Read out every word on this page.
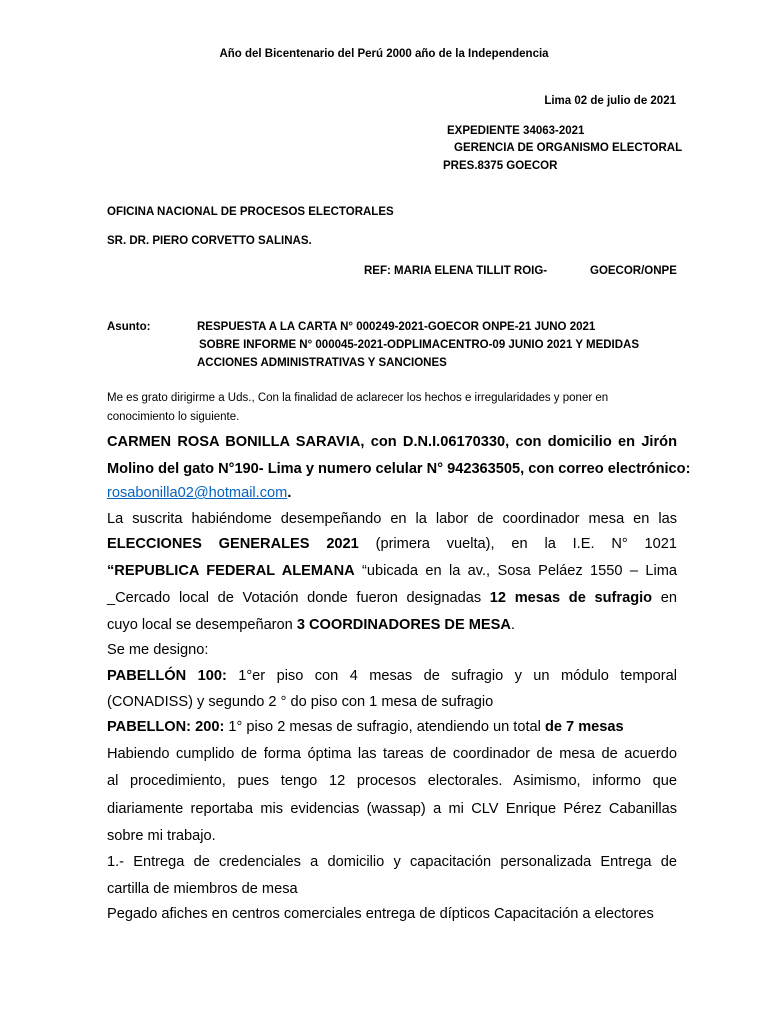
Año del Bicentenario del Perú 2000 año de la Independencia
Lima 02 de julio de 2021
EXPEDIENTE 34063-2021
GERENCIA DE ORGANISMO ELECTORAL
PRES.8375 GOECOR
OFICINA NACIONAL DE PROCESOS ELECTORALES
SR. DR. PIERO CORVETTO SALINAS.
REF: MARIA ELENA TILLIT ROIG-	GOECOR/ONPE
Asunto:	RESPUESTA A LA CARTA N° 000249-2021-GOECOR ONPE-21 JUNO 2021
SOBRE INFORME N° 000045-2021-ODPLIMACENTRO-09 JUNIO 2021 Y MEDIDAS
ACCIONES ADMINISTRATIVAS Y SANCIONES
Me es grato dirigirme a Uds., Con la finalidad de aclarecer los hechos e irregularidades y poner en
conocimiento lo siguiente.
CARMEN ROSA BONILLA SARAVIA, con D.N.I.06170330, con domicilio en Jirón
Molino del gato N°190- Lima y numero celular N° 942363505, con correo electrónico:
rosabonilla02@hotmail.com.
La suscrita habiéndome desempeñando en la labor de coordinador mesa en las
ELECCIONES GENERALES 2021 (primera vuelta), en la I.E. N° 1021
“REPUBLICA FEDERAL ALEMANA “ubicada en la av., Sosa Peláez 1550 – Lima
_Cercado local de Votación donde fueron designadas 12 mesas de sufragio en
cuyo local se desempeñaron 3 COORDINADORES DE MESA.
Se me designo:
PABELLÓN 100: 1°er piso con 4 mesas de sufragio y un módulo temporal
(CONADISS) y segundo 2 ° do piso con 1 mesa de sufragio
PABELLON: 200: 1° piso 2 mesas de sufragio, atendiendo un total de 7 mesas
Habiendo cumplido de forma óptima las tareas de coordinador de mesa de acuerdo
al procedimiento, pues tengo 12 procesos electorales. Asimismo, informo que
diariamente reportaba mis evidencias (wassap) a mi CLV Enrique Pérez Cabanillas
sobre mi trabajo.
1.- Entrega de credenciales a domicilio y capacitación personalizada Entrega de
cartilla de miembros de mesa
Pegado afiches en centros comerciales entrega de dípticos Capacitación a electores
